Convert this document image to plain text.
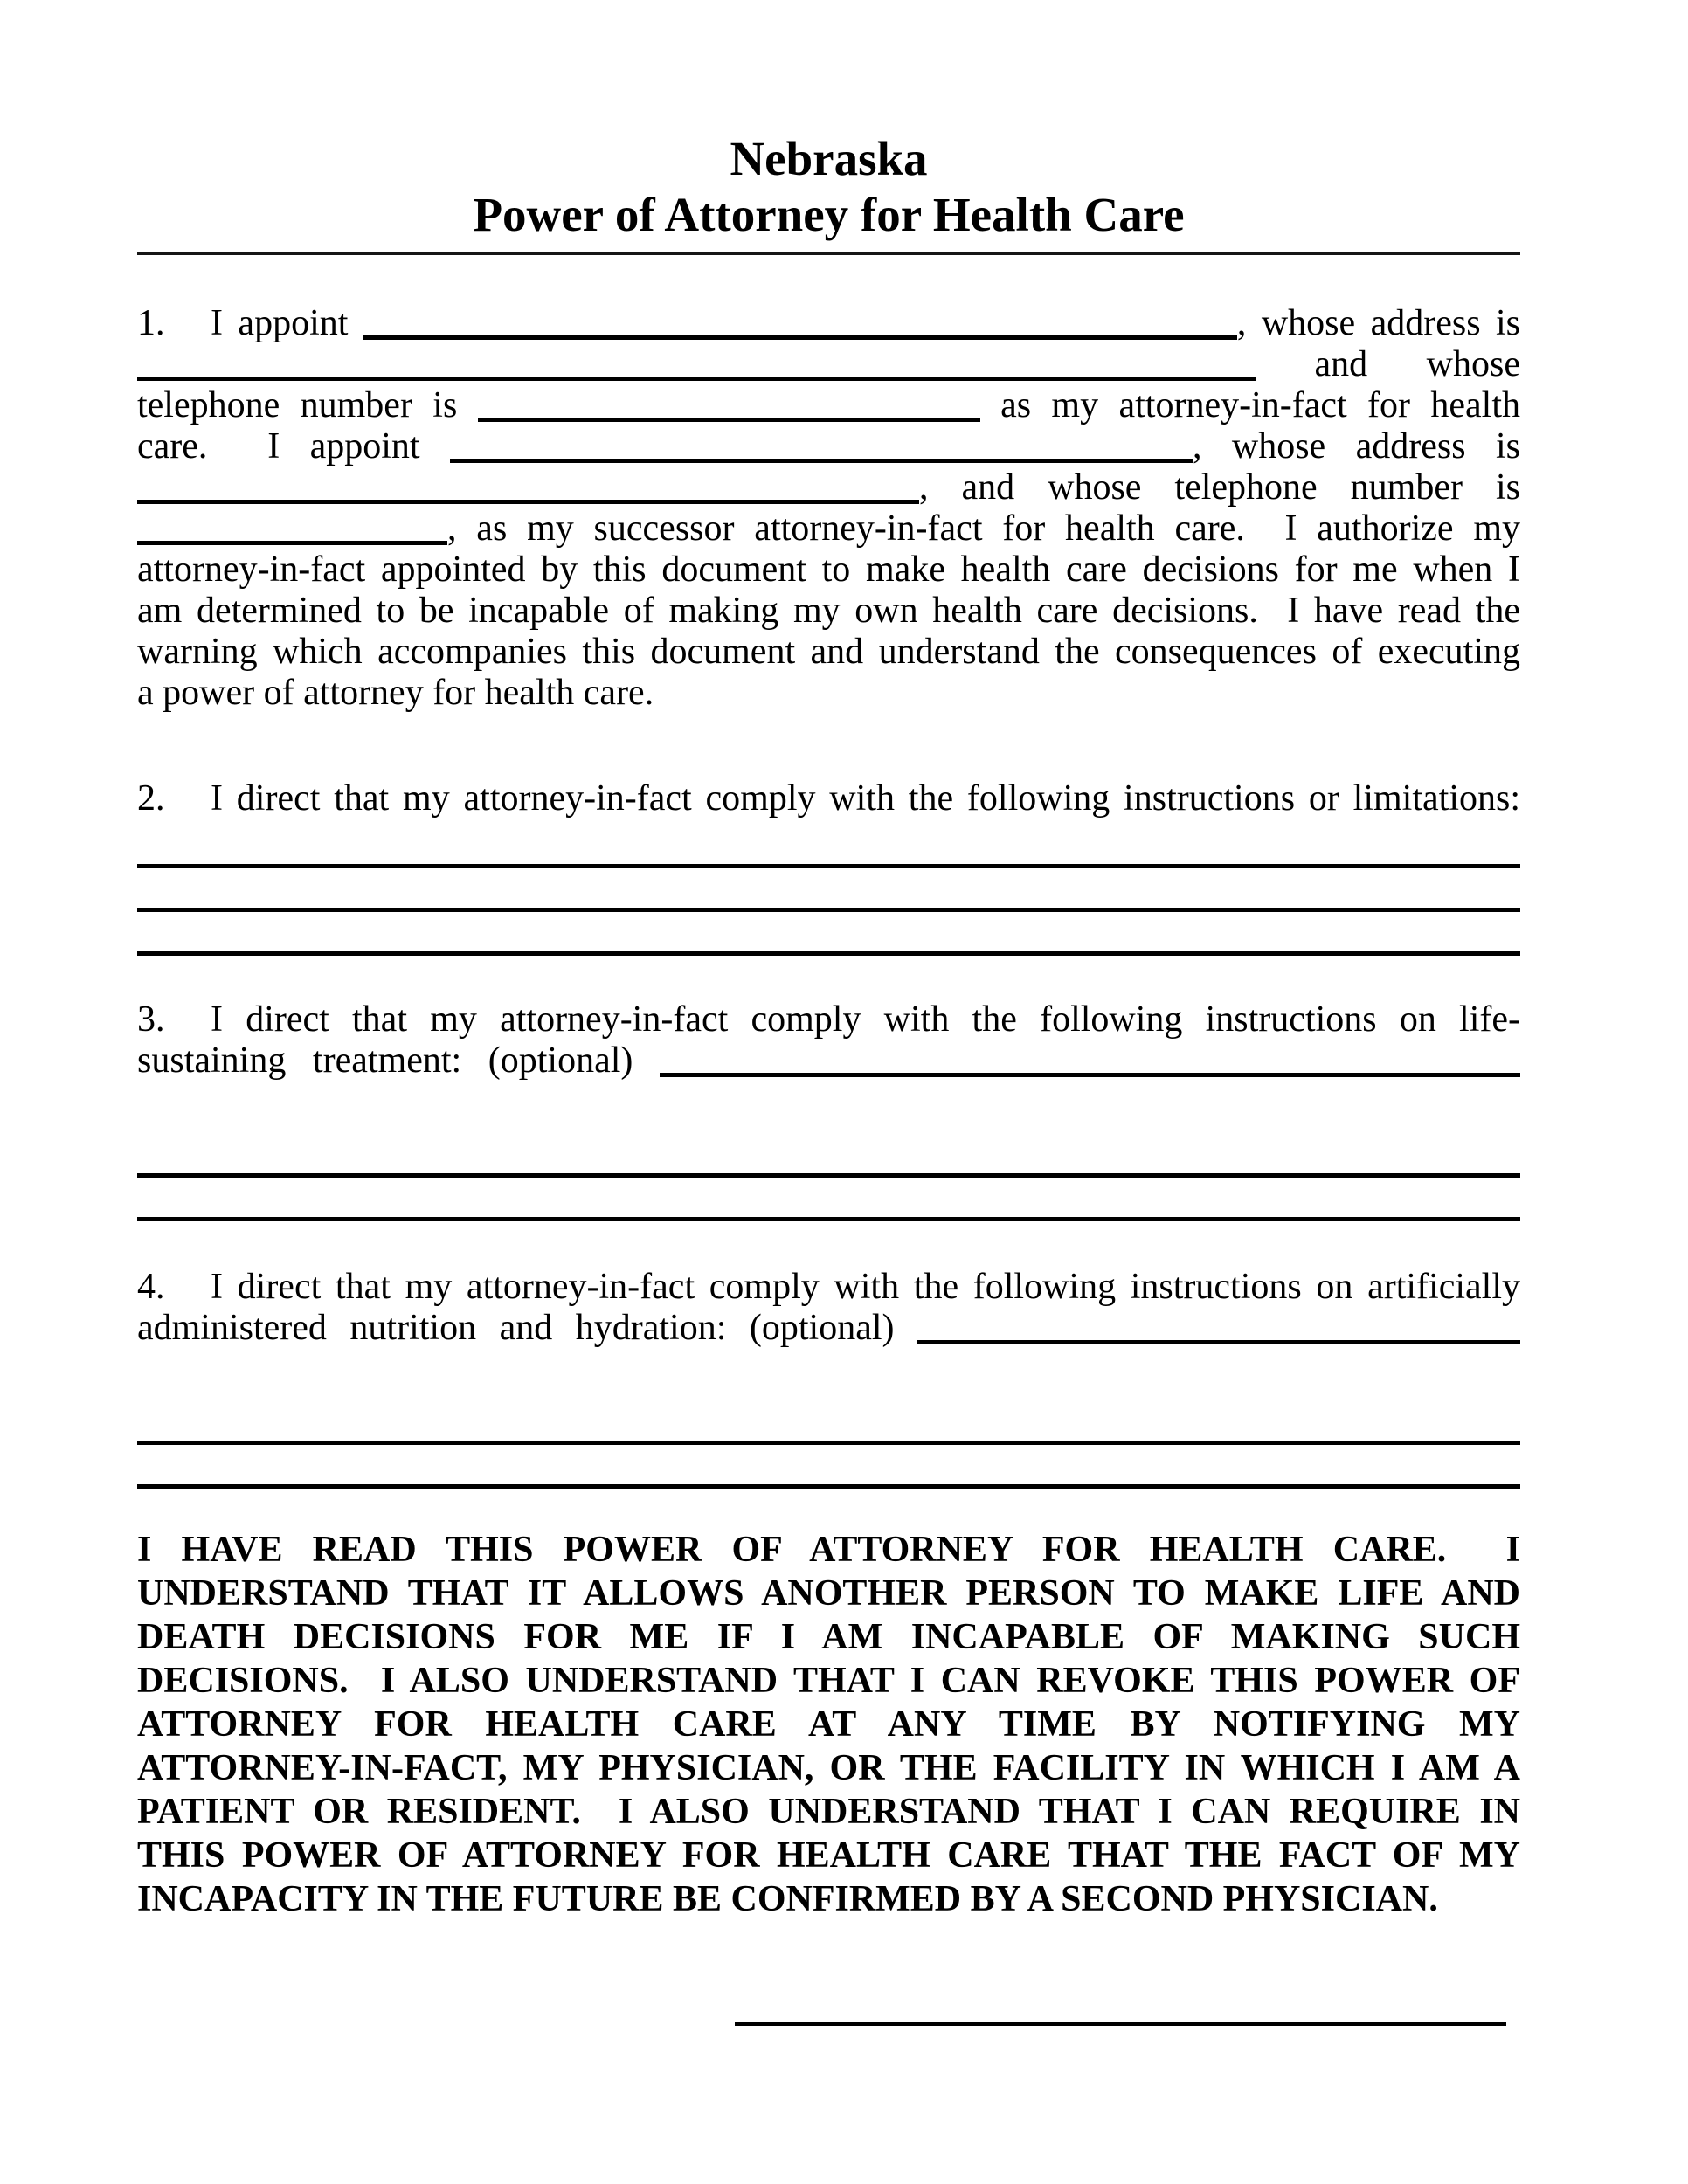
Nebraska
Power of Attorney for Health Care
1. I appoint	, whose address is
and whose
telephone number is	as my attorney-in-fact for health
care.  I appoint	, whose address is
, and whose telephone number is
, as my successor attorney-in-fact for health care.  I authorize my
attorney-in-fact appointed by this document to make health care decisions for me when I
am determined to be incapable of making my own health care decisions.  I have read the
warning which accompanies this document and understand the consequences of executing
a power of attorney for health care.
2. I direct that my attorney-in-fact comply with the following instructions or limitations:
3. I direct that my attorney-in-fact comply with the following instructions on life-
sustaining treatment: (optional)
4. I direct that my attorney-in-fact comply with the following instructions on artificially
administered nutrition and hydration: (optional)
I HAVE READ THIS POWER OF ATTORNEY FOR HEALTH CARE.  I
UNDERSTAND THAT IT ALLOWS ANOTHER PERSON TO MAKE LIFE AND
DEATH DECISIONS FOR ME IF I AM INCAPABLE OF MAKING SUCH
DECISIONS.  I ALSO UNDERSTAND THAT I CAN REVOKE THIS POWER OF
ATTORNEY FOR HEALTH CARE AT ANY TIME BY NOTIFYING MY
ATTORNEY-IN-FACT, MY PHYSICIAN, OR THE FACILITY IN WHICH I AM A
PATIENT OR RESIDENT.  I ALSO UNDERSTAND THAT I CAN REQUIRE IN
THIS POWER OF ATTORNEY FOR HEALTH CARE THAT THE FACT OF MY
INCAPACITY IN THE FUTURE BE CONFIRMED BY A SECOND PHYSICIAN.
